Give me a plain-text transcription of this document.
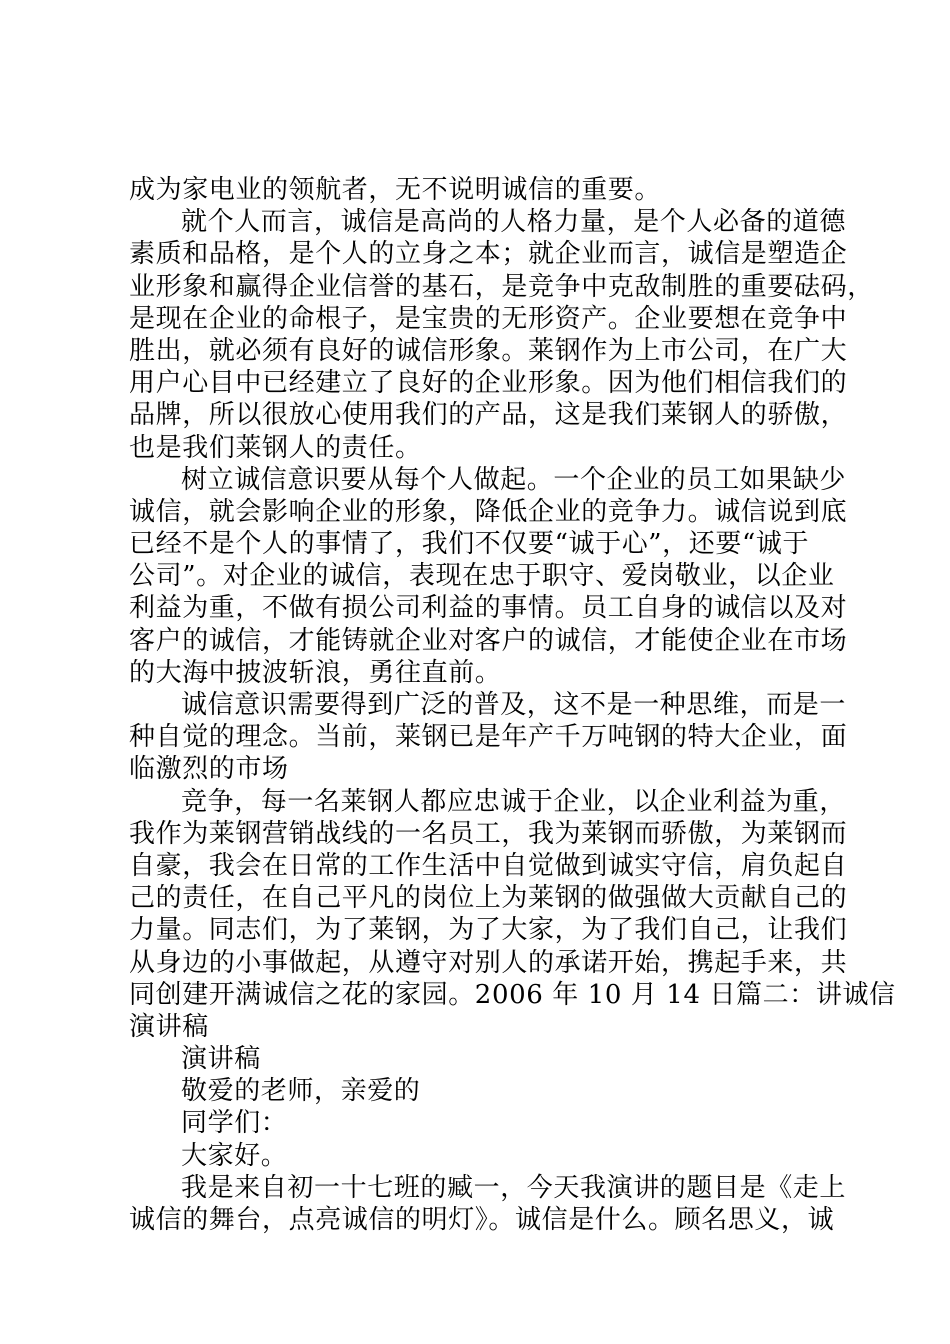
成为家电业的领航者，无不说明诚信的重要。
就个人而言，诚信是高尚的人格力量，是个人必备的道德
素质和品格，是个人的立身之本；就企业而言，诚信是塑造企
业形象和赢得企业信誉的基石，是竞争中克敌制胜的重要砝码，
是现在企业的命根子，是宝贵的无形资产。企业要想在竞争中
胜出，就必须有良好的诚信形象。莱钢作为上市公司，在广大
用户心目中已经建立了良好的企业形象。因为他们相信我们的
品牌，所以很放心使用我们的产品，这是我们莱钢人的骄傲，
也是我们莱钢人的责任。
树立诚信意识要从每个人做起。一个企业的员工如果缺少
诚信，就会影响企业的形象，降低企业的竞争力。诚信说到底
已经不是个人的事情了，我们不仅要“诚于心”，还要“诚于
公司”。对企业的诚信，表现在忠于职守、爱岗敬业，以企业
利益为重，不做有损公司利益的事情。员工自身的诚信以及对
客户的诚信，才能铸就企业对客户的诚信，才能使企业在市场
的大海中披波斩浪，勇往直前。
诚信意识需要得到广泛的普及，这不是一种思维，而是一
种自觉的理念。当前，莱钢已是年产千万吨钢的特大企业，面
临激烈的市场
竞争，每一名莱钢人都应忠诚于企业，以企业利益为重，
我作为莱钢营销战线的一名员工，我为莱钢而骄傲，为莱钢而
自豪，我会在日常的工作生活中自觉做到诚实守信，肩负起自
己的责任，在自己平凡的岗位上为莱钢的做强做大贡献自己的
力量。同志们，为了莱钢，为了大家，为了我们自己，让我们
从身边的小事做起，从遵守对别人的承诺开始，携起手来，共
同创建开满诚信之花的家园。2006 年 10 月 14 日篇二：讲诚信
演讲稿
演讲稿
敬爱的老师，亲爱的
同学们：
大家好。
我是来自初一十七班的臧一，今天我演讲的题目是《走上
诚信的舞台，点亮诚信的明灯》。诚信是什么。顾名思义，诚
